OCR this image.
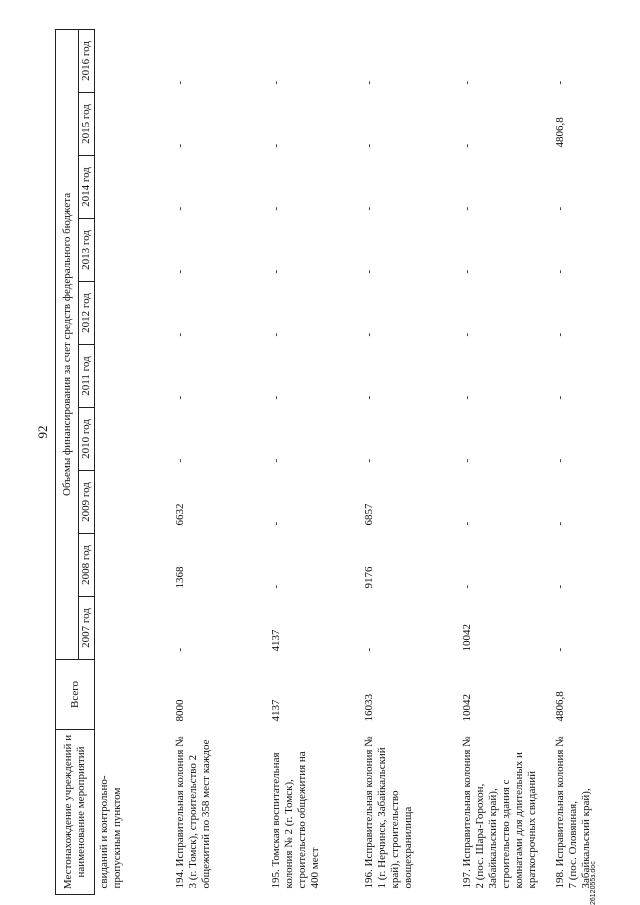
92
Местонахождение учреждений и наименование мероприятий	Всего	Объемы финансирования за счет средств федерального бюджета									
		2007 год	2008 год	2009 год	2010 год	2011 год	2012 год	2013 год	2014 год	2015 год	2016 год
свиданий и контрольно-пропускным пунктом											
194. Исправительная колония № 3 (г. Томск), строительство 2 общежитий по 358 мест каждое	8000	-	1368	6632	-	-	-	-	-	-	-
195. Томская воспитательная колония № 2 (г. Томск), строительство общежития на 400 мест	4137	4137	-	-	-	-	-	-	-	-	-
196. Исправительная колония № 1 (г. Нерчинск, Забайкальский край), строительство овощехранилища	16033	-	9176	6857	-	-	-	-	-	-	-
197. Исправительная колония № 2 (пос. Шара-Горохон, Забайкальский край), строительство здания с комнатами для длительных и краткосрочных свиданий	10042	10042	-	-	-	-	-	-	-	-	-
198. Исправительная колония № 7 (пос. Оловянная, Забайкальский край),	4806,8	-	-	-	-	-	-	-	-	4806,8	-
2612055з.doc
